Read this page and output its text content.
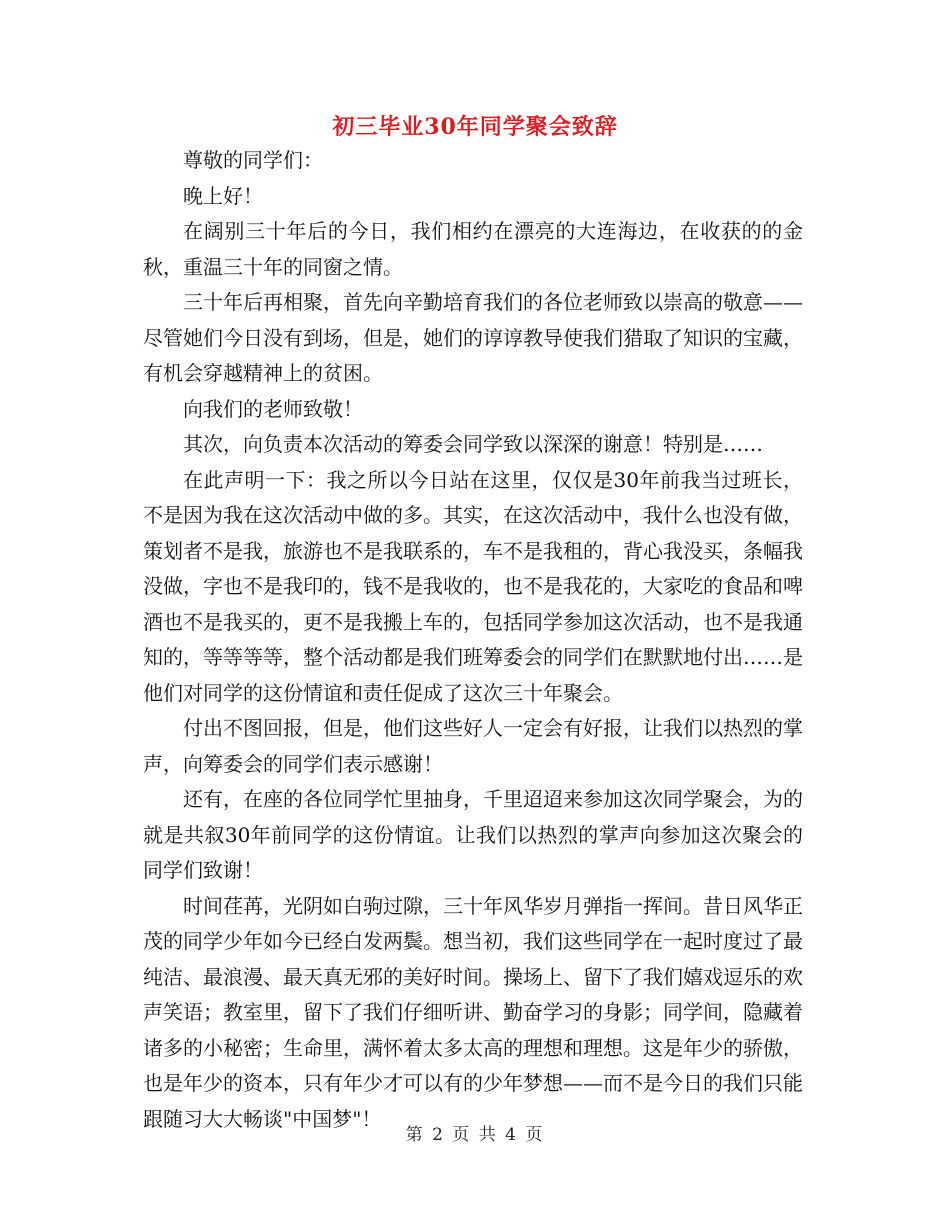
初三毕业30年同学聚会致辞

尊敬的同学们：

晚上好！

在阔别三十年后的今日，我们相约在漂亮的大连海边，在收获的的金秋，重温三十年的同窗之情。

三十年后再相聚，首先向辛勤培育我们的各位老师致以崇高的敬意——尽管她们今日没有到场，但是，她们的谆谆教导使我们猎取了知识的宝藏，有机会穿越精神上的贫困。

向我们的老师致敬！

其次，向负责本次活动的筹委会同学致以深深的谢意！特别是……

在此声明一下：我之所以今日站在这里，仅仅是30年前我当过班长，不是因为我在这次活动中做的多。其实，在这次活动中，我什么也没有做，策划者不是我，旅游也不是我联系的，车不是我租的，背心我没买，条幅我没做，字也不是我印的，钱不是我收的，也不是我花的，大家吃的食品和啤酒也不是我买的，更不是我搬上车的，包括同学参加这次活动，也不是我通知的，等等等等，整个活动都是我们班筹委会的同学们在默默地付出……是他们对同学的这份情谊和责任促成了这次三十年聚会。

付出不图回报，但是，他们这些好人一定会有好报，让我们以热烈的掌声，向筹委会的同学们表示感谢！

还有，在座的各位同学忙里抽身，千里迢迢来参加这次同学聚会，为的就是共叙30年前同学的这份情谊。让我们以热烈的掌声向参加这次聚会的同学们致谢！

时间荏苒，光阴如白驹过隙，三十年风华岁月弹指一挥间。昔日风华正茂的同学少年如今已经白发两鬓。想当初，我们这些同学在一起时度过了最纯洁、最浪漫、最天真无邪的美好时间。操场上、留下了我们嬉戏逗乐的欢声笑语；教室里，留下了我们仔细听讲、勤奋学习的身影；同学间，隐藏着诸多的小秘密；生命里，满怀着太多太高的理想和理想。这是年少的骄傲，也是年少的资本，只有年少才可以有的少年梦想——而不是今日的我们只能跟随习大大畅谈"中国梦"！

第 2 页 共 4 页
